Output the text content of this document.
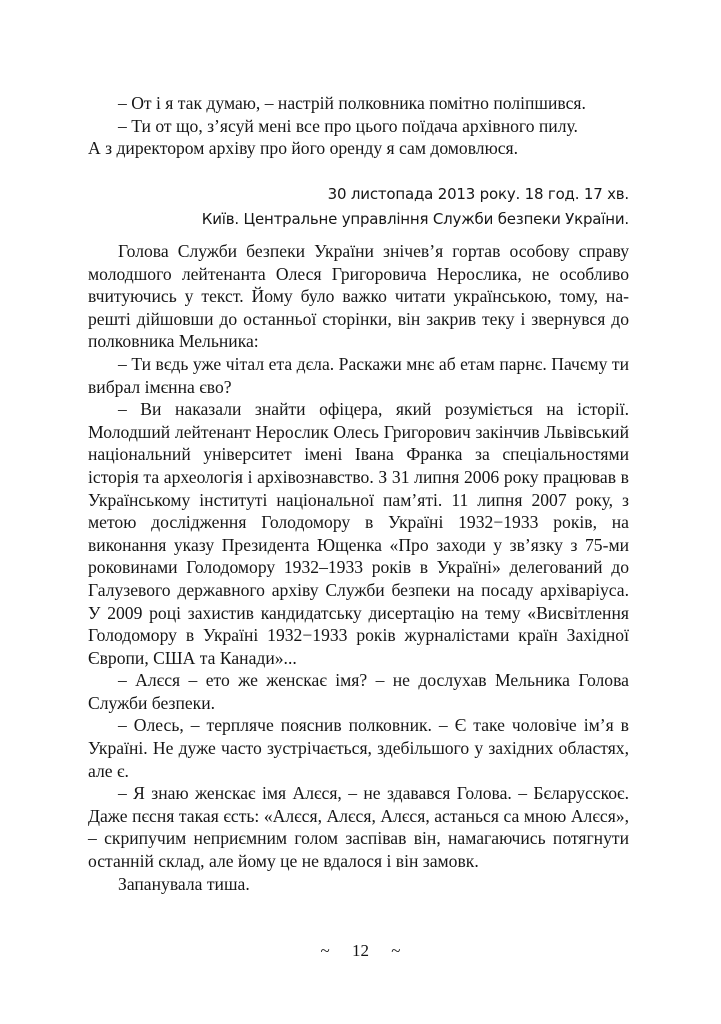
– От і я так думаю, – настрій полковника помітно поліпшився.

– Ти от що, з’ясуй мені все про цього поїдача архівного пилу.

А з директором архіву про його оренду я сам домовлюся.

30 листопада 2013 року. 18 год. 17 хв.
Київ. Центральне управління Служби безпеки України.

Голова Служби безпеки України знічев’я гортав особову справу молодшого лейтенанта Олеся Григоровича Нерослика, не особливо вчитуючись у текст. Йому було важко читати українською, тому, нарешті дійшовши до останньої сторінки, він закрив теку і звернувся до полковника Мельника:

– Ти вєдь уже чітал ета дєла. Раскажи мнє аб етам парнє. Пачєму ти вибрал імєнна єво?

– Ви наказали знайти офіцера, який розуміється на історії. Молодший лейтенант Нерослик Олесь Григорович закінчив Львівський національний університет імені Івана Франка за спеціальностями історія та археологія і архівознавство. З 31 липня 2006 року працював в Українському інституті національної пам’яті. 11 липня 2007 року, з метою дослідження Голодомору в Україні 1932−1933 років, на виконання указу Президента Ющенка «Про заходи у зв’язку з 75-ми роковинами Голодомору 1932–1933 років в Україні» делегований до Галузевого державного архіву Служби безпеки на посаду архіваріуса. У 2009 році захистив кандидатську дисертацію на тему «Висвітлення Голодомору в Україні 1932−1933 років журналістами країн Західної Європи, США та Канади»...

– Алєся – ето же женскає імя? – не дослухав Мельника Голова Служби безпеки.

– Олесь, – терпляче пояснив полковник. – Є таке чоловіче ім’я в Україні. Не дуже часто зустрічається, здебільшого у західних областях, але є.

– Я знаю женскає імя Алєся, – не здавався Голова. – Бєларусскоє. Даже пєсня такая єсть: «Алєся, Алєся, Алєся, астанься са мною Алєся», – скрипучим неприємним голом заспівав він, намагаючись потягнути останній склад, але йому це не вдалося і він замовк.

Запанувала тиша.

~ 12 ~
